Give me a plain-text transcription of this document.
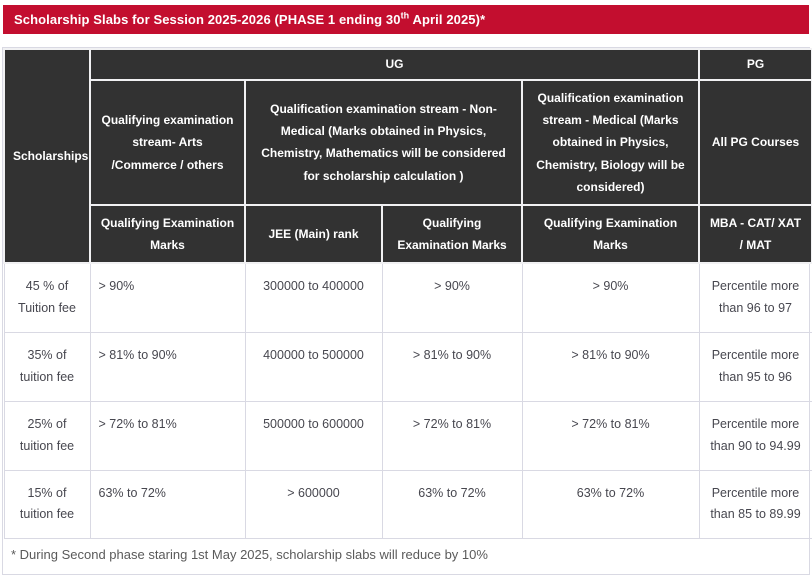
Scholarship Slabs for Session 2025-2026 (PHASE 1 ending 30th April 2025)*
Scholarships	UG				PG
	Qualifying examination stream- Arts /Commerce / others	Qualification examination stream - Non-Medical (Marks obtained in Physics, Chemistry, Mathematics will be considered for scholarship calculation )		Qualification examination stream - Medical (Marks obtained in Physics, Chemistry, Biology will be considered)	All PG Courses
	Qualifying Examination Marks	JEE (Main) rank	Qualifying Examination Marks	Qualifying Examination Marks	MBA - CAT/ XAT / MAT
45 % of Tuition fee	> 90%	300000 to 400000	> 90%	> 90%	Percentile more than 96 to 97
35% of tuition fee	> 81% to 90%	400000 to 500000	> 81% to 90%	> 81% to 90%	Percentile more than 95 to 96
25% of tuition fee	> 72% to 81%	500000 to 600000	> 72% to 81%	> 72% to 81%	Percentile more than 90 to 94.99
15% of tuition fee	63% to 72%	> 600000	63% to 72%	63% to 72%	Percentile more than 85 to 89.99
* During Second phase staring 1st May 2025, scholarship slabs will reduce by 10%
